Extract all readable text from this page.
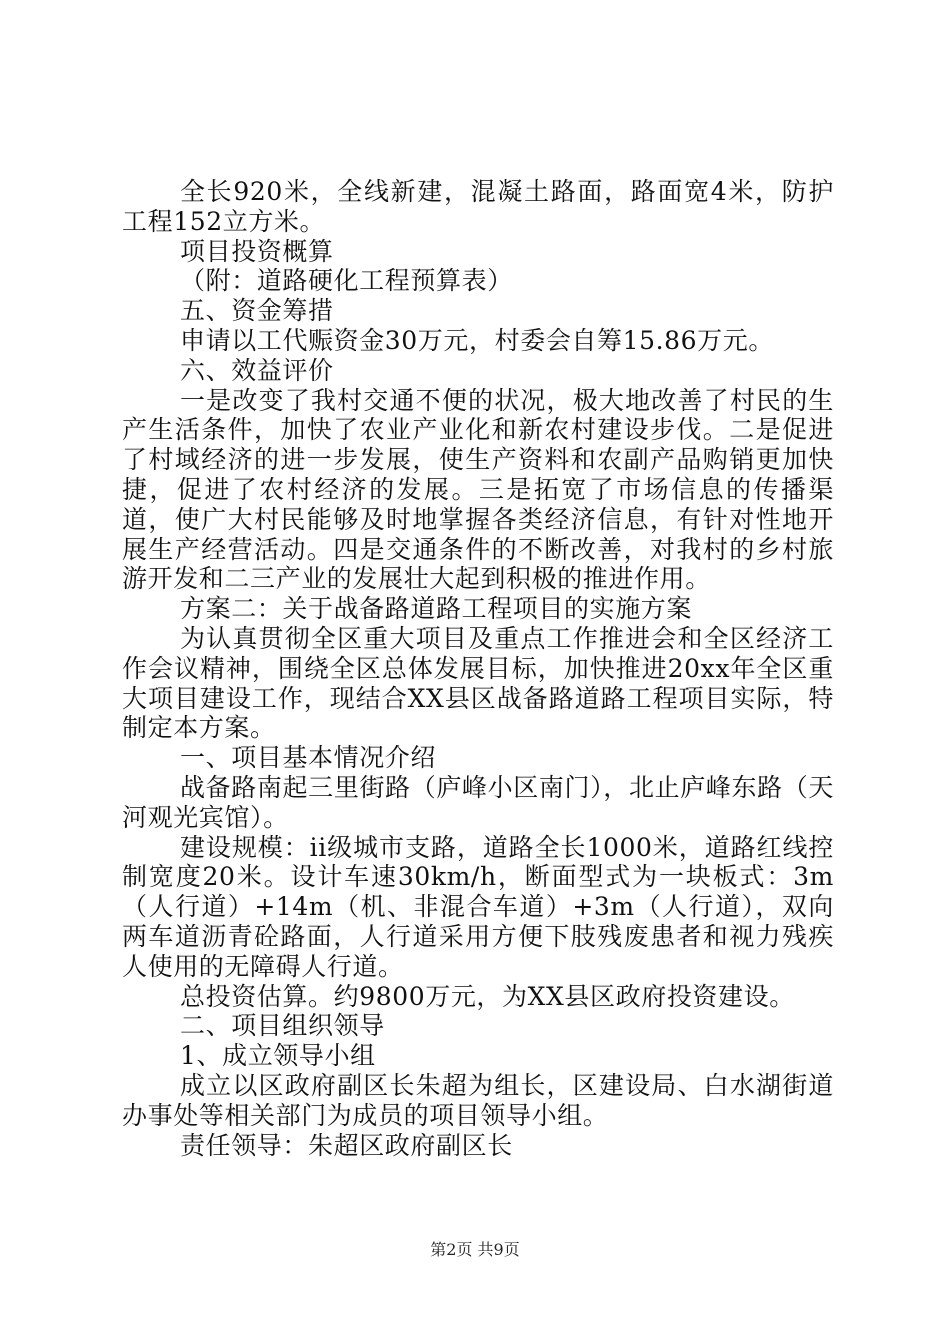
全长920米，全线新建，混凝土路面，路面宽4米，防护工程152立方米。

项目投资概算

（附：道路硬化工程预算表）

五、资金筹措

申请以工代赈资金30万元，村委会自筹15.86万元。

六、效益评价

一是改变了我村交通不便的状况，极大地改善了村民的生产生活条件，加快了农业产业化和新农村建设步伐。二是促进了村域经济的进一步发展，使生产资料和农副产品购销更加快捷，促进了农村经济的发展。三是拓宽了市场信息的传播渠道，使广大村民能够及时地掌握各类经济信息，有针对性地开展生产经营活动。四是交通条件的不断改善，对我村的乡村旅游开发和二三产业的发展壮大起到积极的推进作用。

方案二：关于战备路道路工程项目的实施方案

为认真贯彻全区重大项目及重点工作推进会和全区经济工作会议精神，围绕全区总体发展目标，加快推进20xx年全区重大项目建设工作，现结合XX县区战备路道路工程项目实际，特制定本方案。

一、项目基本情况介绍

战备路南起三里街路（庐峰小区南门），北止庐峰东路（天河观光宾馆）。

建设规模：ii级城市支路，道路全长1000米，道路红线控制宽度20米。设计车速30km/h，断面型式为一块板式：3m（人行道）+14m（机、非混合车道）+3m（人行道），双向两车道沥青砼路面，人行道采用方便下肢残废患者和视力残疾人使用的无障碍人行道。

总投资估算。约9800万元，为XX县区政府投资建设。

二、项目组织领导

1、成立领导小组

成立以区政府副区长朱超为组长，区建设局、白水湖街道办事处等相关部门为成员的项目领导小组。

责任领导：朱超区政府副区长

第2页 共9页
